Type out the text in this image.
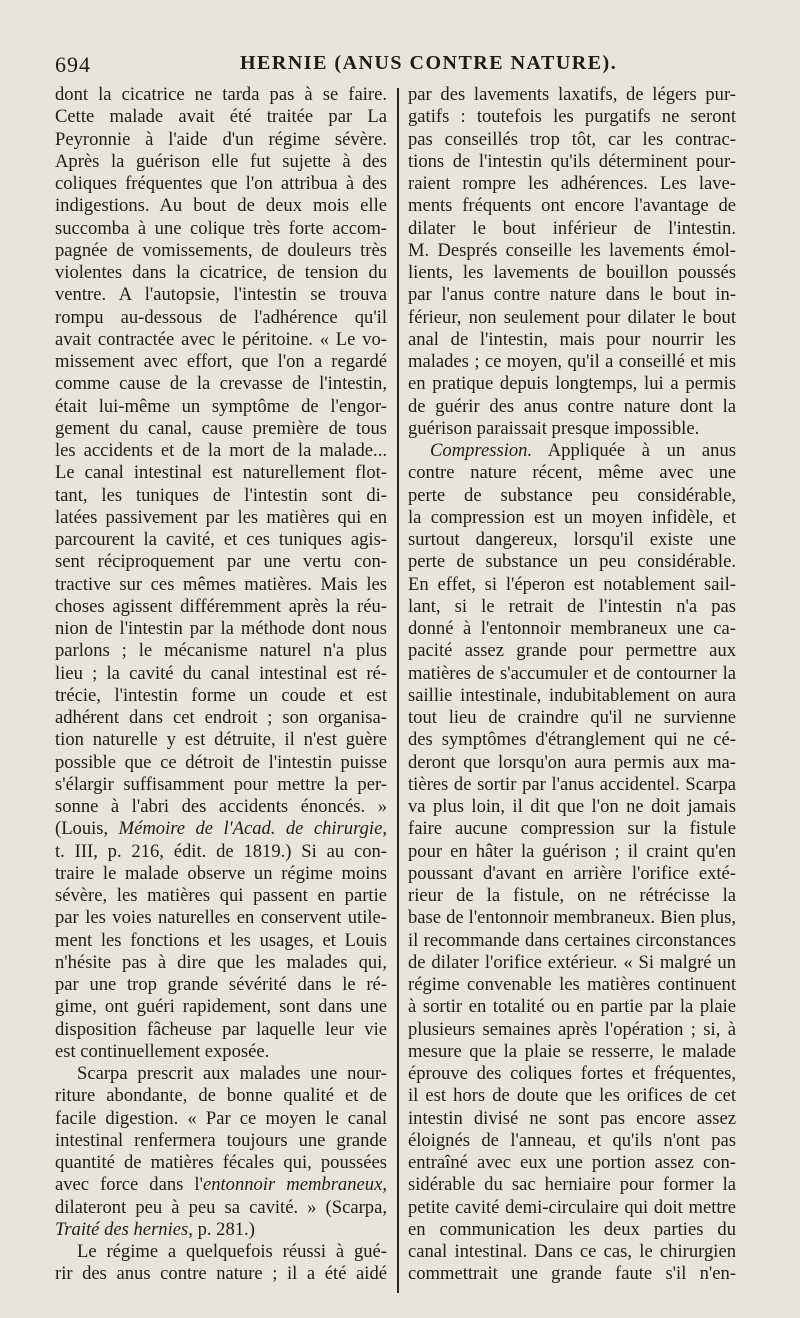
694	HERNIE (ANUS CONTRE NATURE).
dont la cicatrice ne tarda pas à se faire.
Cette malade avait été traitée par La
Peyronnie à l'aide d'un régime sévère.
Après la guérison elle fut sujette à des
coliques fréquentes que l'on attribua à des
indigestions. Au bout de deux mois elle
succomba à une colique très forte accom-
pagnée de vomissements, de douleurs très
violentes dans la cicatrice, de tension du
ventre. A l'autopsie, l'intestin se trouva
rompu au-dessous de l'adhérence qu'il
avait contractée avec le péritoine. « Le vo-
missement avec effort, que l'on a regardé
comme cause de la crevasse de l'intestin,
était lui-même un symptôme de l'engor-
gement du canal, cause première de tous
les accidents et de la mort de la malade...
Le canal intestinal est naturellement flot-
tant, les tuniques de l'intestin sont di-
latées passivement par les matières qui en
parcourent la cavité, et ces tuniques agis-
sent réciproquement par une vertu con-
tractive sur ces mêmes matières. Mais les
choses agissent différemment après la réu-
nion de l'intestin par la méthode dont nous
parlons ; le mécanisme naturel n'a plus
lieu ; la cavité du canal intestinal est ré-
trécie, l'intestin forme un coude et est
adhérent dans cet endroit ; son organisa-
tion naturelle y est détruite, il n'est guère
possible que ce détroit de l'intestin puisse
s'élargir suffisamment pour mettre la per-
sonne à l'abri des accidents énoncés. »
(Louis, Mémoire de l'Acad. de chirurgie,
t. III, p. 216, édit. de 1819.) Si au con-
traire le malade observe un régime moins
sévère, les matières qui passent en partie
par les voies naturelles en conservent utile-
ment les fonctions et les usages, et Louis
n'hésite pas à dire que les malades qui,
par une trop grande sévérité dans le ré-
gime, ont guéri rapidement, sont dans une
disposition fâcheuse par laquelle leur vie
est continuellement exposée.
Scarpa prescrit aux malades une nour-
riture abondante, de bonne qualité et de
facile digestion. « Par ce moyen le canal
intestinal renfermera toujours une grande
quantité de matières fécales qui, poussées
avec force dans l'entonnoir membraneux,
dilateront peu à peu sa cavité. » (Scarpa,
Traité des hernies, p. 281.)
Le régime a quelquefois réussi à gué-
rir des anus contre nature ; il a été aidé
par des lavements laxatifs, de légers pur-
gatifs : toutefois les purgatifs ne seront
pas conseillés trop tôt, car les contrac-
tions de l'intestin qu'ils déterminent pour-
raient rompre les adhérences. Les lave-
ments fréquents ont encore l'avantage de
dilater le bout inférieur de l'intestin.
M. Després conseille les lavements émol-
lients, les lavements de bouillon poussés
par l'anus contre nature dans le bout in-
férieur, non seulement pour dilater le bout
anal de l'intestin, mais pour nourrir les
malades ; ce moyen, qu'il a conseillé et mis
en pratique depuis longtemps, lui a permis
de guérir des anus contre nature dont la
guérison paraissait presque impossible.
Compression. Appliquée à un anus
contre nature récent, même avec une
perte de substance peu considérable,
la compression est un moyen infidèle, et
surtout dangereux, lorsqu'il existe une
perte de substance un peu considérable.
En effet, si l'éperon est notablement sail-
lant, si le retrait de l'intestin n'a pas
donné à l'entonnoir membraneux une ca-
pacité assez grande pour permettre aux
matières de s'accumuler et de contourner la
saillie intestinale, indubitablement on aura
tout lieu de craindre qu'il ne survienne
des symptômes d'étranglement qui ne cé-
deront que lorsqu'on aura permis aux ma-
tières de sortir par l'anus accidentel. Scarpa
va plus loin, il dit que l'on ne doit jamais
faire aucune compression sur la fistule
pour en hâter la guérison ; il craint qu'en
poussant d'avant en arrière l'orifice exté-
rieur de la fistule, on ne rétrécisse la
base de l'entonnoir membraneux. Bien plus,
il recommande dans certaines circonstances
de dilater l'orifice extérieur. « Si malgré un
régime convenable les matières continuent
à sortir en totalité ou en partie par la plaie
plusieurs semaines après l'opération ; si, à
mesure que la plaie se resserre, le malade
éprouve des coliques fortes et fréquentes,
il est hors de doute que les orifices de cet
intestin divisé ne sont pas encore assez
éloignés de l'anneau, et qu'ils n'ont pas
entraîné avec eux une portion assez con-
sidérable du sac herniaire pour former la
petite cavité demi-circulaire qui doit mettre
en communication les deux parties du
canal intestinal. Dans ce cas, le chirurgien
commettrait une grande faute s'il n'en-
